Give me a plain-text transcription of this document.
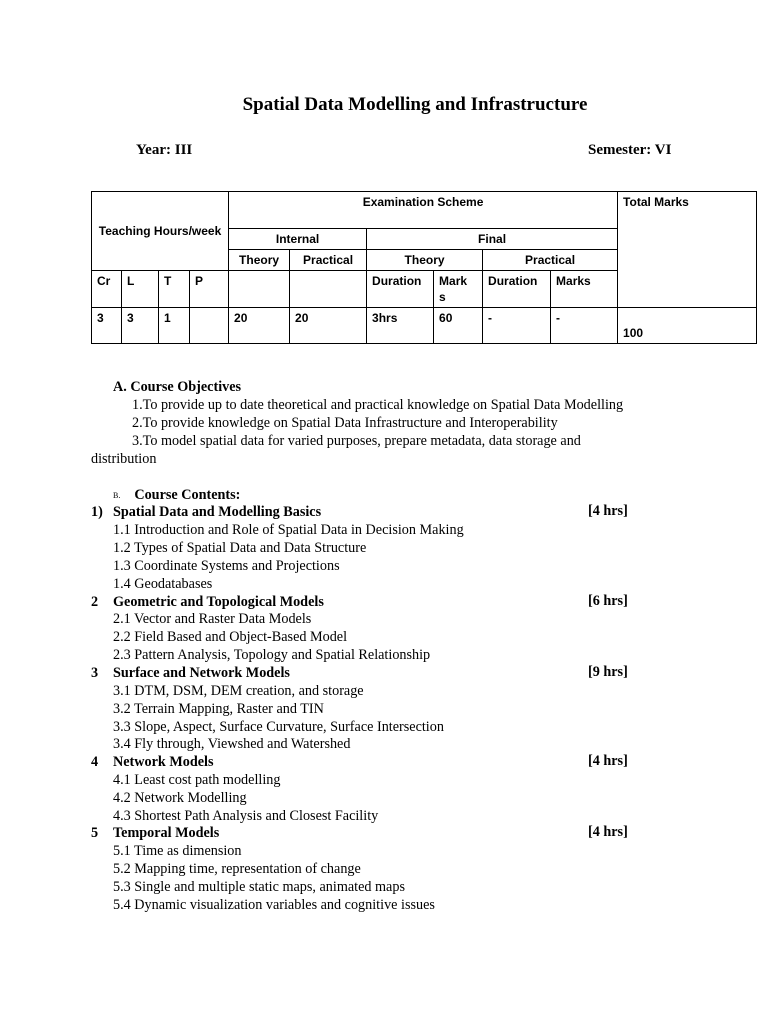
Spatial Data Modelling and Infrastructure
Year: III	Semester: VI
Teaching Hours/week				Examination Scheme						Total Marks
				Internal		Final				
				Theory	Practical	Theory		Practical		
Cr	L	T	P			Duration	Mark s	Duration	Marks	
3	3	1		20	20	3hrs	60	-	-	100
A. Course Objectives
1.To provide up to date theoretical and practical knowledge on Spatial Data Modelling
2.To provide knowledge on Spatial Data Infrastructure and Interoperability
3.To model spatial data for varied purposes, prepare metadata, data storage and
distribution
B. Course Contents:
1) Spatial Data and Modelling Basics	[4 hrs]
1.1 Introduction and Role of Spatial Data in Decision Making
1.2 Types of Spatial Data and Data Structure
1.3 Coordinate Systems and Projections
1.4 Geodatabases
2 Geometric and Topological Models	[6 hrs]
2.1 Vector and Raster Data Models
2.2 Field Based and Object-Based Model
2.3 Pattern Analysis, Topology and Spatial Relationship
3 Surface and Network Models	[9 hrs]
3.1 DTM, DSM, DEM creation, and storage
3.2 Terrain Mapping, Raster and TIN
3.3 Slope, Aspect, Surface Curvature, Surface Intersection
3.4 Fly through, Viewshed and Watershed
4 Network Models	[4 hrs]
4.1 Least cost path modelling
4.2 Network Modelling
4.3 Shortest Path Analysis and Closest Facility
5 Temporal Models	[4 hrs]
5.1 Time as dimension
5.2 Mapping time, representation of change
5.3 Single and multiple static maps, animated maps
5.4 Dynamic visualization variables and cognitive issues
